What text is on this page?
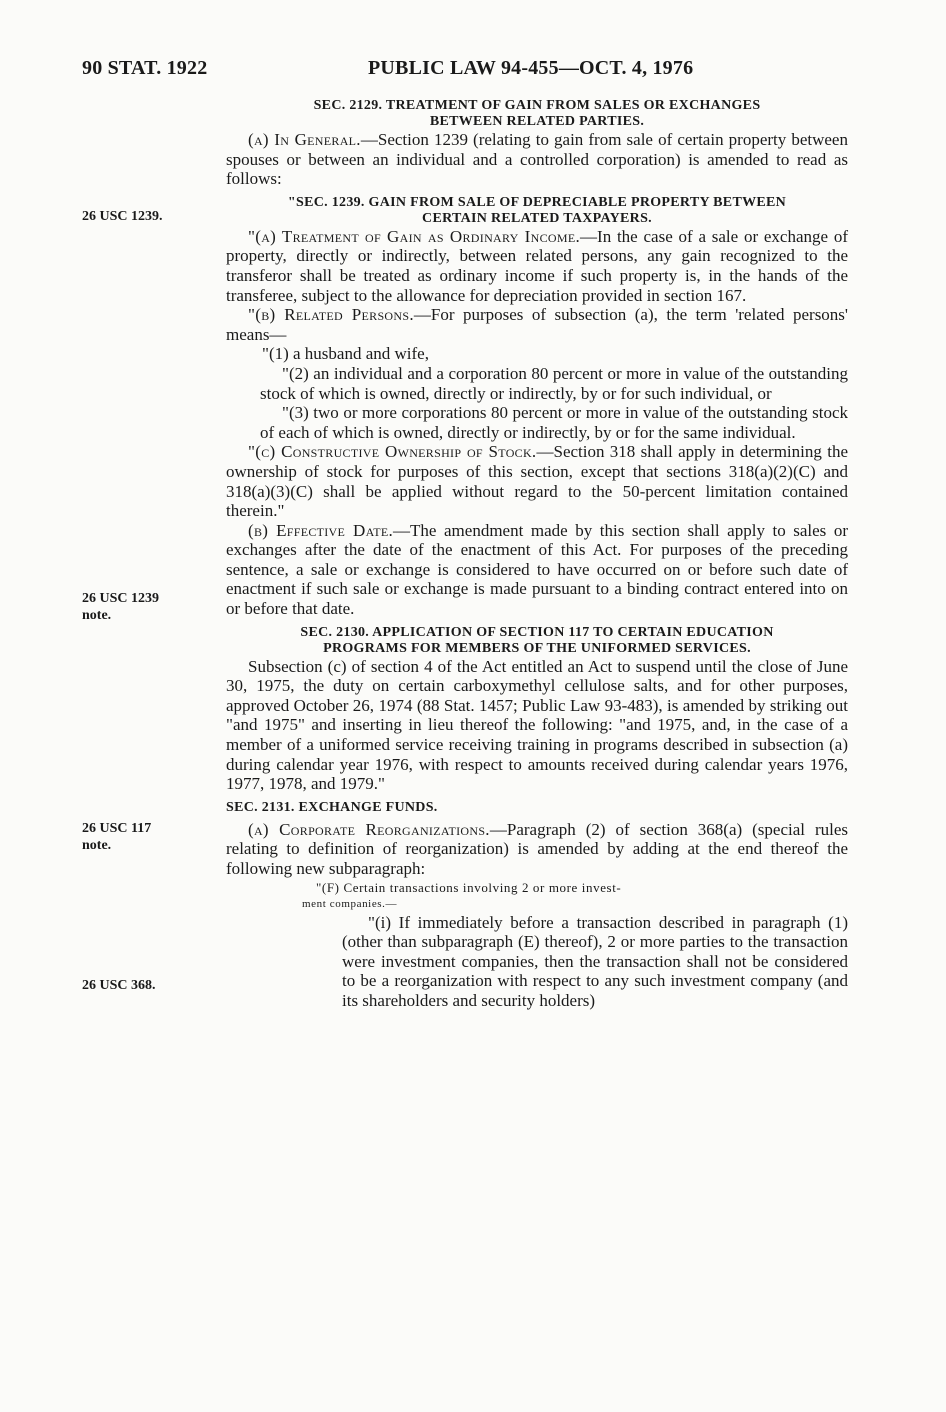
90 STAT. 1922	PUBLIC LAW 94-455—OCT. 4, 1976
26 USC 1239.
26 USC 1239
note.
26 USC 117
note.
26 USC 368.
SEC. 2129. TREATMENT OF GAIN FROM SALES OR EXCHANGES
BETWEEN RELATED PARTIES.

(a) In General.—Section 1239 (relating to gain from sale of certain property between spouses or between an individual and a controlled corporation) is amended to read as follows:

"SEC. 1239. GAIN FROM SALE OF DEPRECIABLE PROPERTY BETWEEN
CERTAIN RELATED TAXPAYERS.

"(a) Treatment of Gain as Ordinary Income.—In the case of a sale or exchange of property, directly or indirectly, between related persons, any gain recognized to the transferor shall be treated as ordinary income if such property is, in the hands of the transferee, subject to the allowance for depreciation provided in section 167.

"(b) Related Persons.—For purposes of subsection (a), the term 'related persons' means—

"(1) a husband and wife,

"(2) an individual and a corporation 80 percent or more in value of the outstanding stock of which is owned, directly or indirectly, by or for such individual, or

"(3) two or more corporations 80 percent or more in value of the outstanding stock of each of which is owned, directly or indirectly, by or for the same individual.

"(c) Constructive Ownership of Stock.—Section 318 shall apply in determining the ownership of stock for purposes of this section, except that sections 318(a)(2)(C) and 318(a)(3)(C) shall be applied without regard to the 50-percent limitation contained therein."

(b) Effective Date.—The amendment made by this section shall apply to sales or exchanges after the date of the enactment of this Act. For purposes of the preceding sentence, a sale or exchange is considered to have occurred on or before such date of enactment if such sale or exchange is made pursuant to a binding contract entered into on or before that date.

SEC. 2130. APPLICATION OF SECTION 117 TO CERTAIN EDUCATION
PROGRAMS FOR MEMBERS OF THE UNIFORMED SERVICES.

Subsection (c) of section 4 of the Act entitled an Act to suspend until the close of June 30, 1975, the duty on certain carboxymethyl cellulose salts, and for other purposes, approved October 26, 1974 (88 Stat. 1457; Public Law 93-483), is amended by striking out "and 1975" and inserting in lieu thereof the following: "and 1975, and, in the case of a member of a uniformed service receiving training in programs described in subsection (a) during calendar year 1976, with respect to amounts received during calendar years 1976, 1977, 1978, and 1979."

SEC. 2131. EXCHANGE FUNDS.

(a) Corporate Reorganizations.—Paragraph (2) of section 368(a) (special rules relating to definition of reorganization) is amended by adding at the end thereof the following new subparagraph:

"(F) Certain transactions involving 2 or more invest-
ment companies.—

"(i) If immediately before a transaction described in paragraph (1) (other than subparagraph (E) thereof), 2 or more parties to the transaction were investment companies, then the transaction shall not be considered to be a reorganization with respect to any such investment company (and its shareholders and security holders)
